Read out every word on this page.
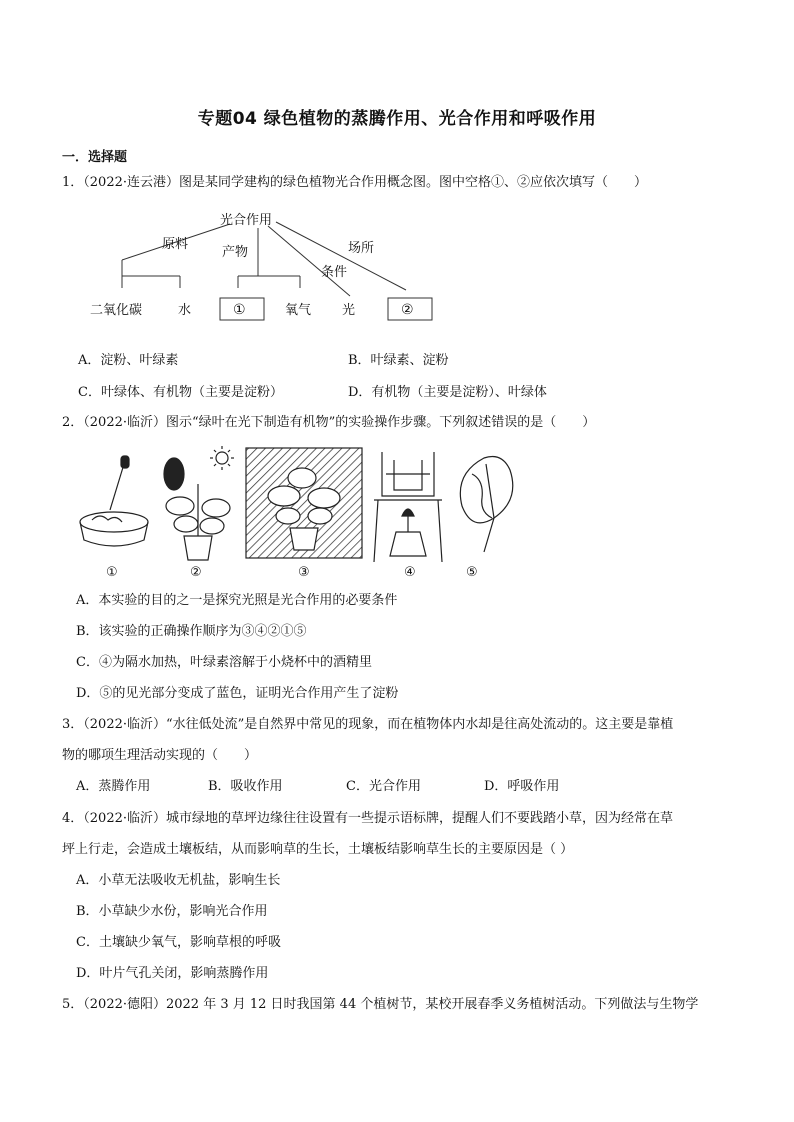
专题04 绿色植物的蒸腾作用、光合作用和呼吸作用
一．选择题
1．（2022·连云港）图是某同学建构的绿色植物光合作用概念图。图中空格①、②应依次填写（　　）
光合作用
原料
产物
条件
场所
二氧化碳	水	①	氧气 光	②
A．淀粉、叶绿素	B．叶绿素、淀粉
C．叶绿体、有机物（主要是淀粉）	D．有机物（主要是淀粉）、叶绿体
2．（2022·临沂）图示“绿叶在光下制造有机物”的实验操作步骤。下列叙述错误的是（　　）
①	②	③	④	⑤
A．本实验的目的之一是探究光照是光合作用的必要条件
B．该实验的正确操作顺序为③④②①⑤
C．④为隔水加热，叶绿素溶解于小烧杯中的酒精里
D．⑤的见光部分变成了蓝色，证明光合作用产生了淀粉
3．（2022·临沂）“水往低处流”是自然界中常见的现象，而在植物体内水却是往高处流动的。这主要是靠植
物的哪项生理活动实现的（　　）
A．蒸腾作用	B．吸收作用	C．光合作用	D．呼吸作用
4．（2022·临沂）城市绿地的草坪边缘往往设置有一些提示语标牌，提醒人们不要践踏小草，因为经常在草
坪上行走，会造成土壤板结，从而影响草的生长，土壤板结影响草生长的主要原因是（ ）
A．小草无法吸收无机盐，影响生长
B．小草缺少水份，影响光合作用
C．土壤缺少氧气，影响草根的呼吸
D．叶片气孔关闭，影响蒸腾作用
5．（2022·德阳）2022 年 3 月 12 日时我国第 44 个植树节，某校开展春季义务植树活动。下列做法与生物学
